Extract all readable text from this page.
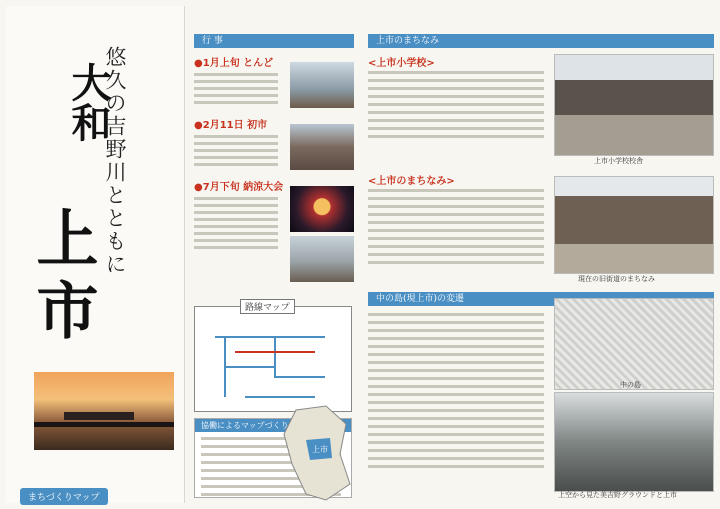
悠久の吉野川とともに
大和
上市
まちづくりマップ
行 事
●1月上旬 とんど
●2月11日 初市
●7月下旬 納涼大会
路線マップ
協働によるマップづくり
上市
上市のまちなみ
<上市小学校>
上市小学校校舎
<上市のまちなみ>
現在の旧街道のまちなみ
中の島(現上市)の変遷
中の島
上空から見た美吉野グラウンドと上市
